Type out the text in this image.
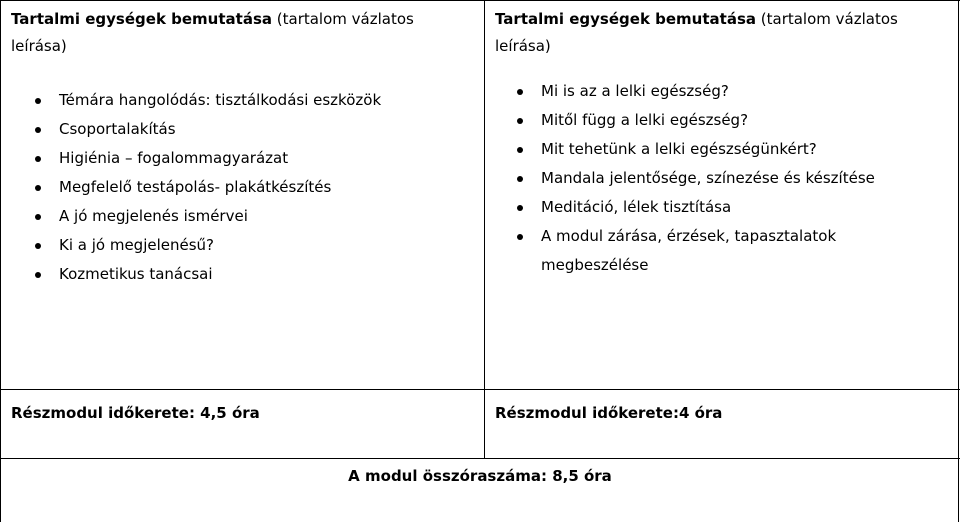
Tartalmi egységek bemutatása (tartalom vázlatos leírása)
Témára hangolódás: tisztálkodási eszközök
Csoportalakítás
Higiénia – fogalommagyarázat
Megfelelő testápolás- plakátkészítés
A jó megjelenés ismérvei
Ki a jó megjelenésű?
Kozmetikus tanácsai
Tartalmi egységek bemutatása (tartalom vázlatos leírása)
Mi is az a lelki egészség?
Mitől függ a lelki egészség?
Mit tehetünk a lelki egészségünkért?
Mandala jelentősége, színezése és készítése
Meditáció, lélek tisztítása
A modul zárása, érzések, tapasztalatok megbeszélése
Részmodul időkerete: 4,5 óra	Részmodul időkerete:4 óra
A modul összóraszáma: 8,5 óra
